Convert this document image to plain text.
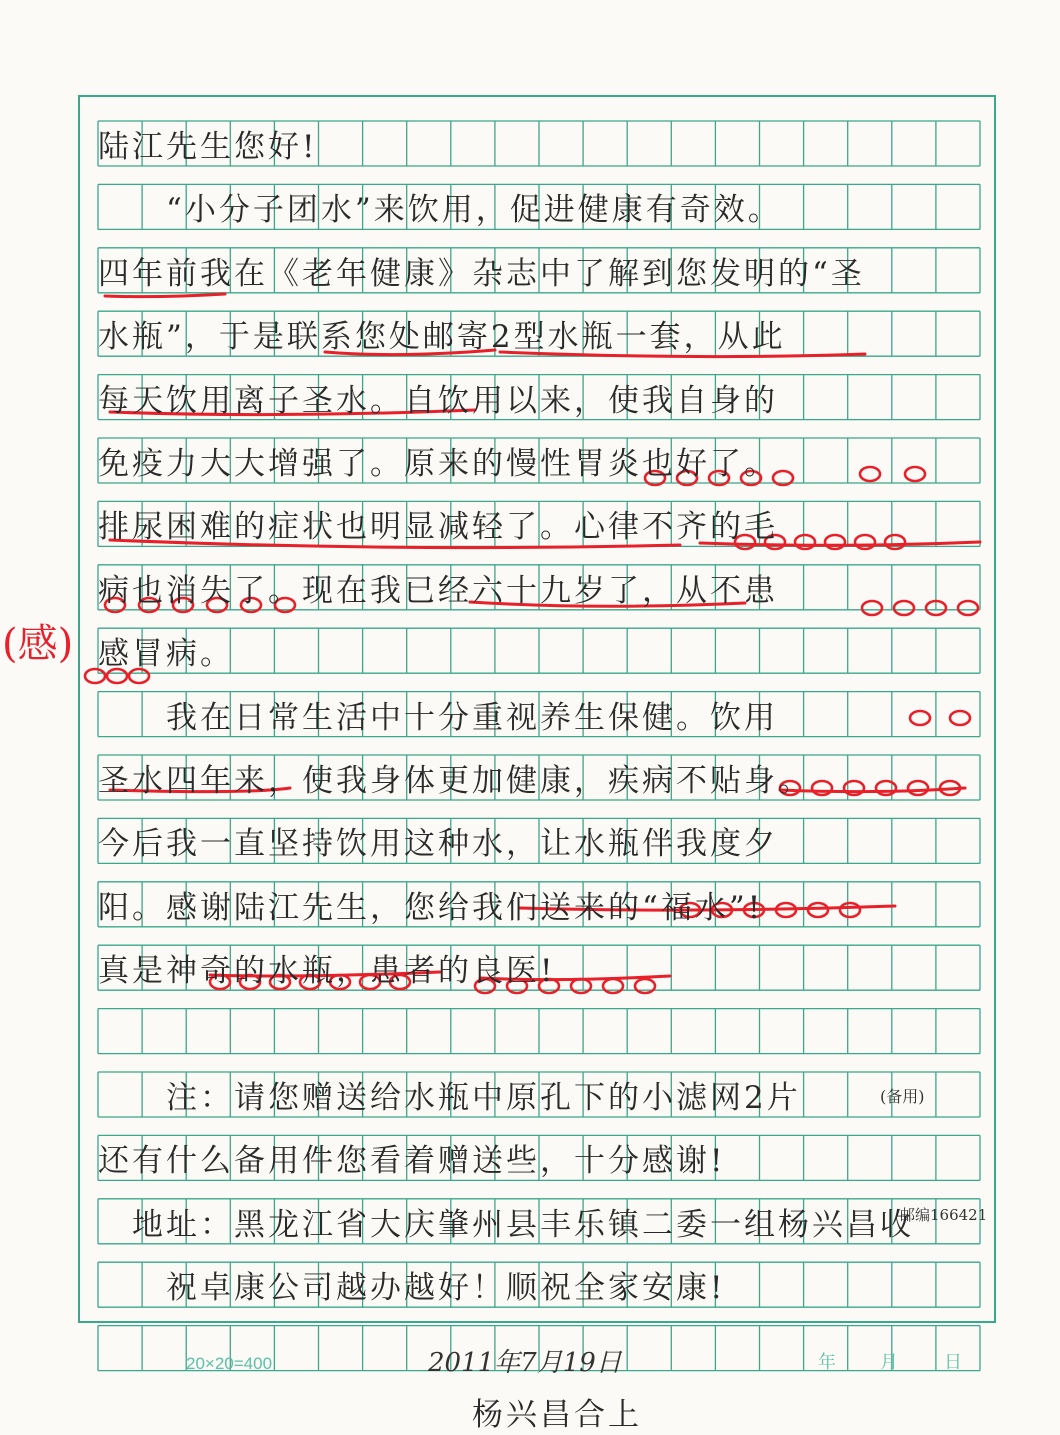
陆江先生您好!
　　“小分子团水”来饮用，促进健康有奇效。
四年前我在《老年健康》杂志中了解到您发明的“圣
水瓶”，于是联系您处邮寄2型水瓶一套，从此
每天饮用离子圣水。自饮用以来，使我自身的
免疫力大大增强了。原来的慢性胃炎也好了。
排尿困难的症状也明显减轻了。心律不齐的毛
病也消失了。现在我已经六十九岁了，从不患
感冒病。
　　我在日常生活中十分重视养生保健。饮用
圣水四年来，使我身体更加健康，疾病不贴身。
今后我一直坚持饮用这种水，让水瓶伴我度夕
阳。感谢陆江先生，您给我们送来的“福水”!
真是神奇的水瓶，患者的良医!
　　注：请您赠送给水瓶中原孔下的小滤网2片
还有什么备用件您看着赠送些，十分感谢!
　地址：黑龙江省大庆肇州县丰乐镇二委一组杨兴昌收
　　祝卓康公司越办越好！顺祝全家安康!
　　　　　　　　　　　杨兴昌合上
(备用)
邮编166421
(感)
20×20=400	2011年7月19日	年 月	日
